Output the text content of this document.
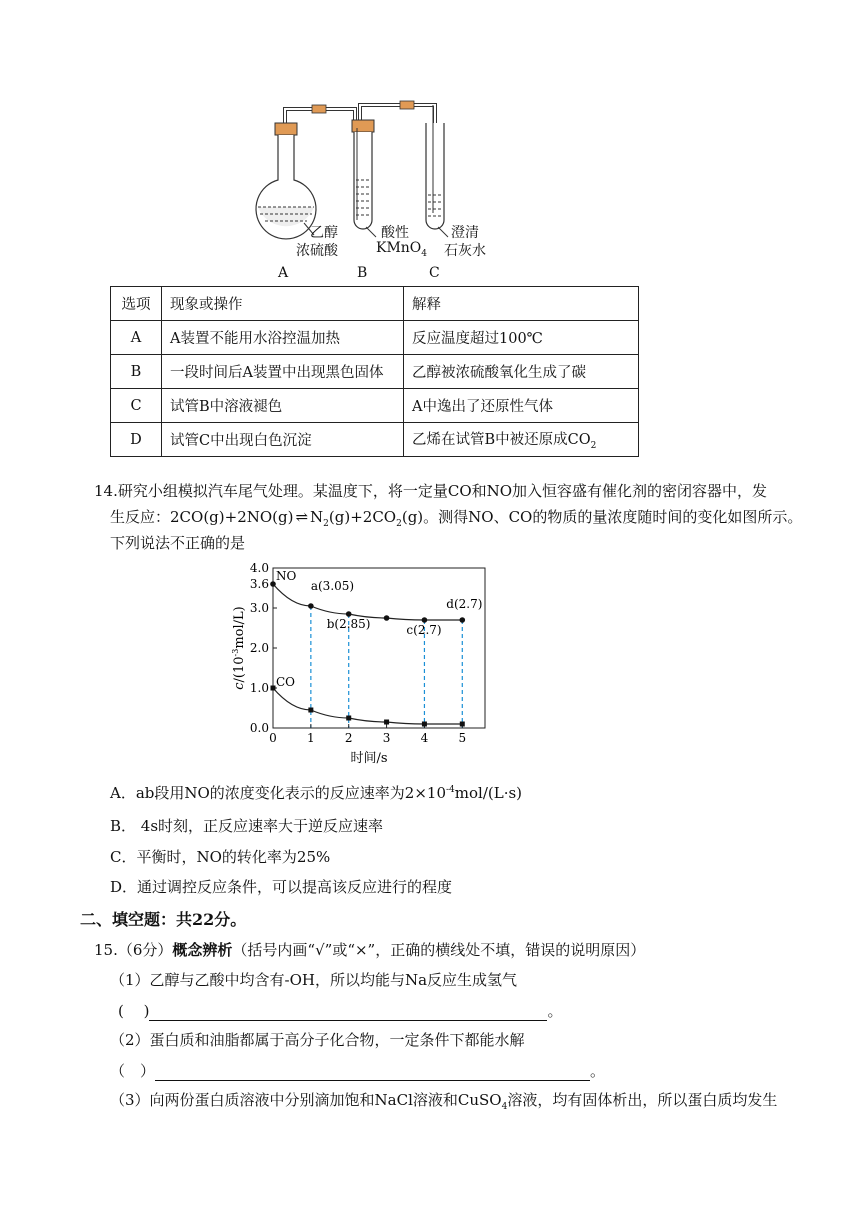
乙醇
浓硫酸
酸性
KMnO$_4$
澄清
石灰水
A	B	C
选项	现象或操作	解释
A	A装置不能用水浴控温加热	反应温度超过100℃
B	一段时间后A装置中出现黑色固体	乙醇被浓硫酸氧化生成了碳
C	试管B中溶液褪色	A中逸出了还原性气体
D	试管C中出现白色沉淀	乙烯在试管B中被还原成$CO_2$
14.研究小组模拟汽车尾气处理。某温度下，将一定量CO和NO加入恒容盛有催化剂的密闭容器中，发
生反应：2CO(g)+2NO(g) ⇌ $N_2(g)+2CO_2(g)$。测得NO、CO的物质的量浓度随时间的变化如图所示。
下列说法不正确的是
0	1	2	3	4	5
0.0
1.0
2.0
3.0
4.0
3.6
时间/s
$c/(10^{-3}mol/L)$
NO
CO
a(3.05)
b(2.85)	c(2.7)
d(2.7)
A．ab段用NO的浓度变化表示的反应速率为$2\times 10^{-4}mol/(L\cdot s)$
B． 4s时刻，正反应速率大于逆反应速率
C．平衡时，NO的转化率为25%
D．通过调控反应条件，可以提高该反应进行的程度
二、填空题：共22分。
15.（6分）概念辨析（括号内画“√”或“×”，正确的横线处不填，错误的说明原因）
（1）乙醇与乙酸中均含有-OH，所以均能与Na反应生成氢气
(　 )	。
（2）蛋白质和油脂都属于高分子化合物，一定条件下都能水解
（　）	。
（3）向两份蛋白质溶液中分别滴加饱和NaCl溶液和CuSO$_4$溶液，均有固体析出，所以蛋白质均发生
